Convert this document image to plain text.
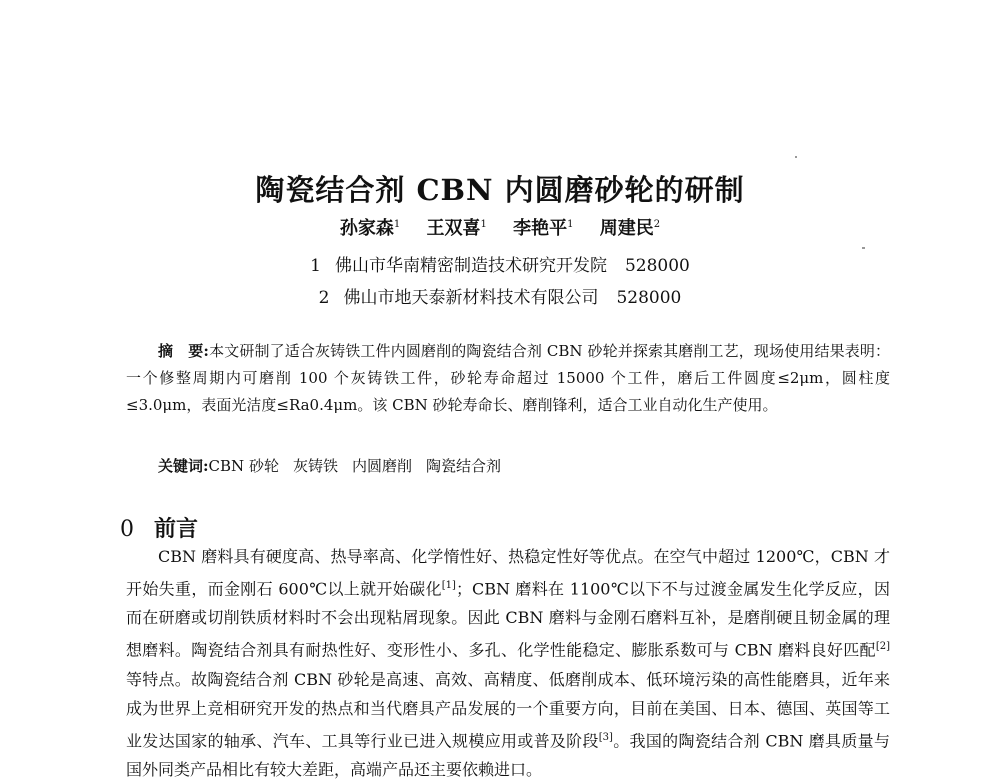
陶瓷结合剂 CBN 内圆磨砂轮的研制
孙家森$^1$ 王双喜$^1$ 李艳平$^1$ 周建民$^2$
1 佛山市华南精密制造技术研究开发院 528000
2 佛山市地天泰新材料技术有限公司 528000

摘　要:本文研制了适合灰铸铁工件内圆磨削的陶瓷结合剂 CBN 砂轮并探索其磨削工艺，现场使用结果表明：一个修整周期内可磨削 100 个灰铸铁工件，砂轮寿命超过 15000 个工件，磨后工件圆度≤2μm，圆柱度≤3.0μm，表面光洁度≤Ra0.4μm。该 CBN 砂轮寿命长、磨削锋利，适合工业自动化生产使用。

关键词:CBN 砂轮 灰铸铁 内圆磨削 陶瓷结合剂
0 前言

CBN 磨料具有硬度高、热导率高、化学惰性好、热稳定性好等优点。在空气中超过 1200℃，CBN 才开始失重，而金刚石 600℃以上就开始碳化[1]；CBN 磨料在 1100℃以下不与过渡金属发生化学反应，因而在研磨或切削铁质材料时不会出现粘屑现象。因此 CBN 磨料与金刚石磨料互补，是磨削硬且韧金属的理想磨料。陶瓷结合剂具有耐热性好、变形性小、多孔、化学性能稳定、膨胀系数可与 CBN 磨料良好匹配[2]等特点。故陶瓷结合剂 CBN 砂轮是高速、高效、高精度、低磨削成本、低环境污染的高性能磨具，近年来成为世界上竞相研究开发的热点和当代磨具产品发展的一个重要方向，目前在美国、日本、德国、英国等工业发达国家的轴承、汽车、工具等行业已进入规模应用或普及阶段[3]。我国的陶瓷结合剂 CBN 磨具质量与国外同类产品相比有较大差距，高端产品还主要依赖进口。
